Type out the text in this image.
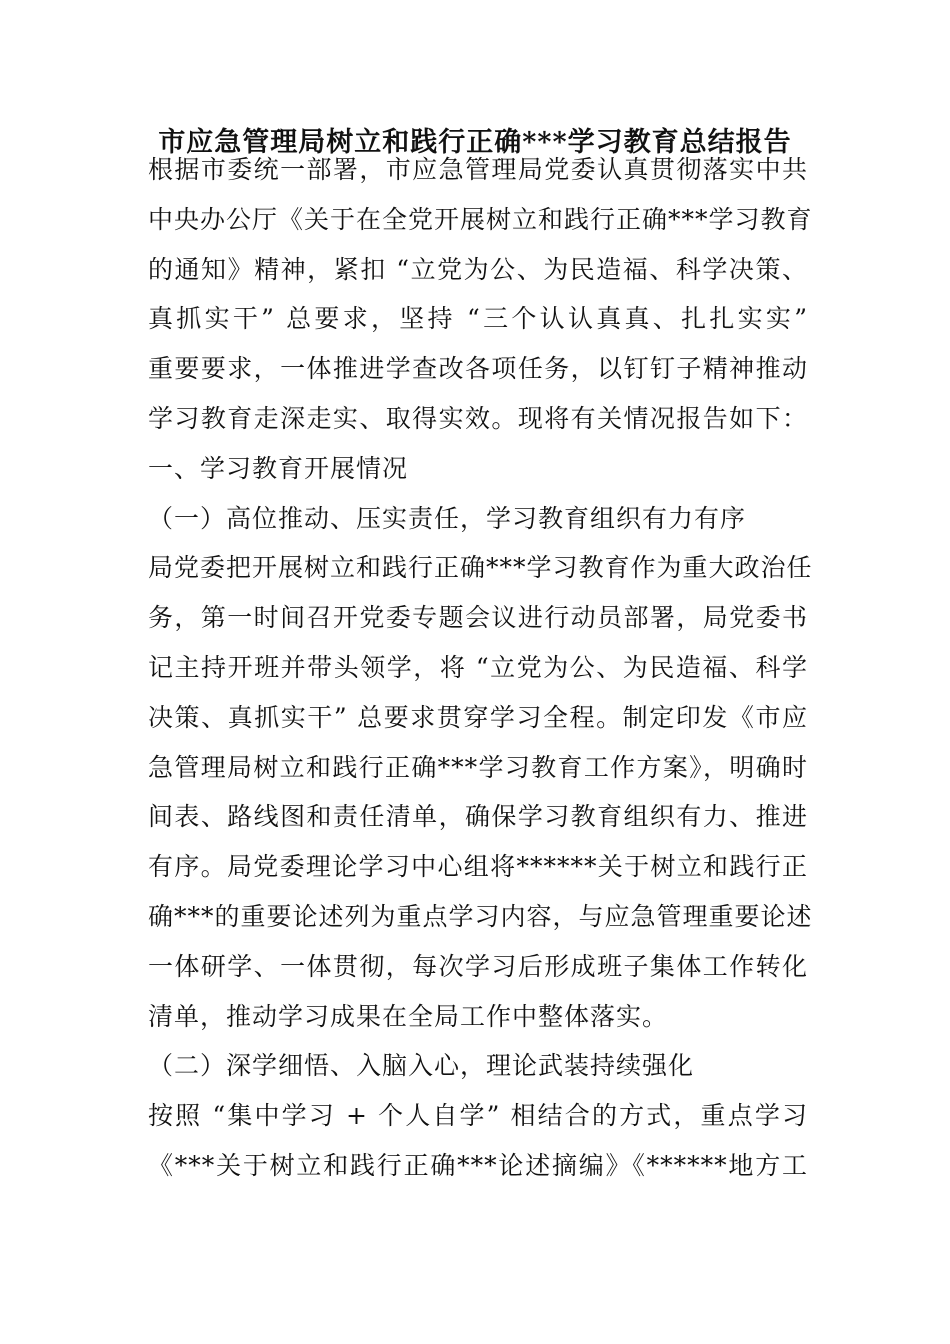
市应急管理局树立和践行正确***学习教育总结报告
根据市委统一部署，市应急管理局党委认真贯彻落实中共
中央办公厅《关于在全党开展树立和践行正确***学习教育
的通知》精神，紧扣 “立党为公、为民造福、科学决策、
真抓实干” 总要求，坚持 “三个认认真真、扎扎实实”
重要要求，一体推进学查改各项任务，以钉钉子精神推动
学习教育走深走实、取得实效。现将有关情况报告如下：
一、学习教育开展情况
（一）高位推动、压实责任，学习教育组织有力有序
局党委把开展树立和践行正确***学习教育作为重大政治任
务，第一时间召开党委专题会议进行动员部署，局党委书
记主持开班并带头领学，将 “立党为公、为民造福、科学
决策、真抓实干” 总要求贯穿学习全程。制定印发《市应
急管理局树立和践行正确***学习教育工作方案》，明确时
间表、路线图和责任清单，确保学习教育组织有力、推进
有序。局党委理论学习中心组将******关于树立和践行正
确***的重要论述列为重点学习内容，与应急管理重要论述
一体研学、一体贯彻，每次学习后形成班子集体工作转化
清单，推动学习成果在全局工作中整体落实。
（二）深学细悟、入脑入心，理论武装持续强化
按照 “集中学习 + 个人自学” 相结合的方式，重点学习
《***关于树立和践行正确***论述摘编》《******地方工
